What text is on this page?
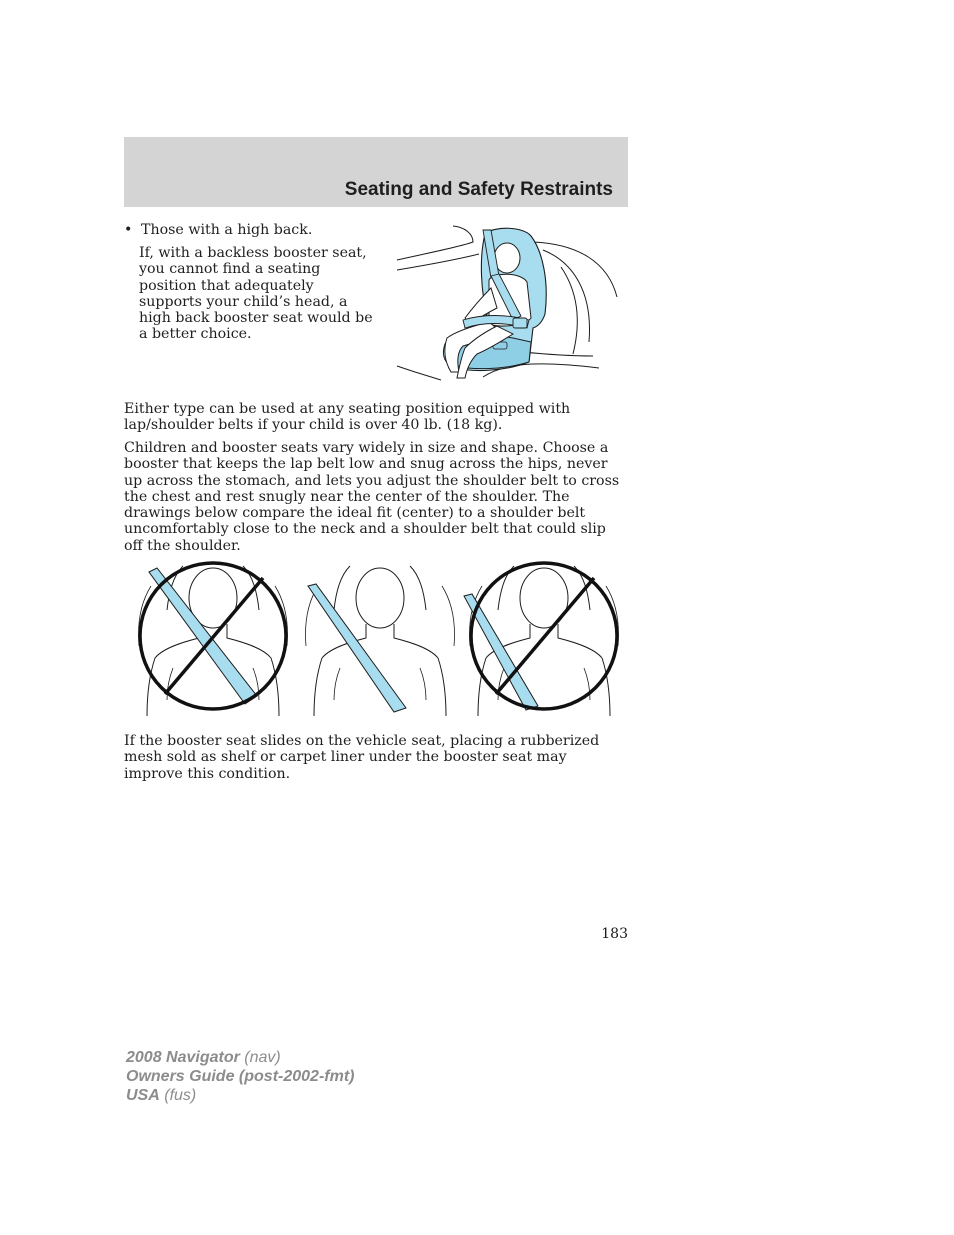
Seating and Safety Restraints

• Those with a high back.

If, with a backless booster seat, you cannot find a seating position that adequately supports your child’s head, a high back booster seat would be a better choice.

Either type can be used at any seating position equipped with lap/shoulder belts if your child is over 40 lb. (18 kg).

Children and booster seats vary widely in size and shape. Choose a booster that keeps the lap belt low and snug across the hips, never up across the stomach, and lets you adjust the shoulder belt to cross the chest and rest snugly near the center of the shoulder. The drawings below compare the ideal fit (center) to a shoulder belt uncomfortably close to the neck and a shoulder belt that could slip off the shoulder.

If the booster seat slides on the vehicle seat, placing a rubberized mesh sold as shelf or carpet liner under the booster seat may improve this condition.

183
2008 Navigator (nav)
Owners Guide (post-2002-fmt)
USA (fus)
